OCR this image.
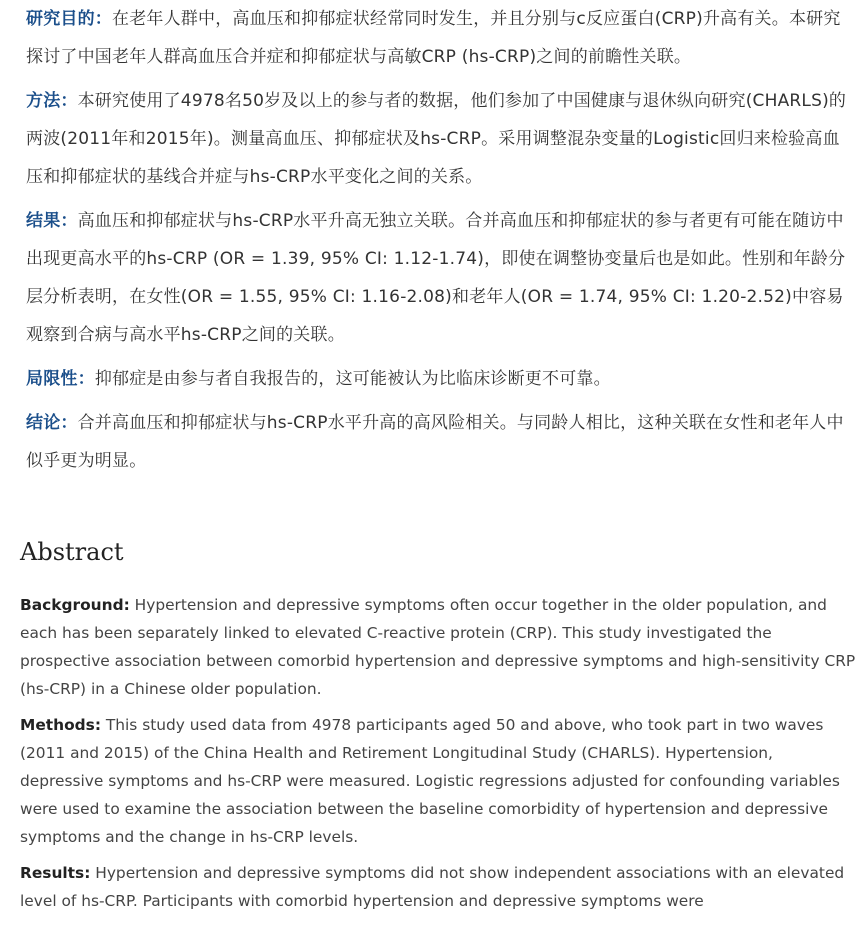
研究目的：在老年人群中，高血压和抑郁症状经常同时发生，并且分别与c反应蛋白(CRP)升高有关。本研究探讨了中国老年人群高血压合并症和抑郁症状与高敏CRP (hs-CRP)之间的前瞻性关联。

方法：本研究使用了4978名50岁及以上的参与者的数据，他们参加了中国健康与退休纵向研究(CHARLS)的两波(2011年和2015年)。测量高血压、抑郁症状及hs-CRP。采用调整混杂变量的Logistic回归来检验高血压和抑郁症状的基线合并症与hs-CRP水平变化之间的关系。

结果：高血压和抑郁症状与hs-CRP水平升高无独立关联。合并高血压和抑郁症状的参与者更有可能在随访中出现更高水平的hs-CRP (OR = 1.39, 95% CI: 1.12-1.74)，即使在调整协变量后也是如此。性别和年龄分层分析表明，在女性(OR = 1.55, 95% CI: 1.16-2.08)和老年人(OR = 1.74, 95% CI: 1.20-2.52)中容易观察到合病与高水平hs-CRP之间的关联。

局限性：抑郁症是由参与者自我报告的，这可能被认为比临床诊断更不可靠。

结论：合并高血压和抑郁症状与hs-CRP水平升高的高风险相关。与同龄人相比，这种关联在女性和老年人中似乎更为明显。

Abstract

Background: Hypertension and depressive symptoms often occur together in the older population, and each has been separately linked to elevated C-reactive protein (CRP). This study investigated the prospective association between comorbid hypertension and depressive symptoms and high-sensitivity CRP (hs-CRP) in a Chinese older population.

Methods: This study used data from 4978 participants aged 50 and above, who took part in two waves (2011 and 2015) of the China Health and Retirement Longitudinal Study (CHARLS). Hypertension, depressive symptoms and hs-CRP were measured. Logistic regressions adjusted for confounding variables were used to examine the association between the baseline comorbidity of hypertension and depressive symptoms and the change in hs-CRP levels.

Results: Hypertension and depressive symptoms did not show independent associations with an elevated level of hs-CRP. Participants with comorbid hypertension and depressive symptoms were
